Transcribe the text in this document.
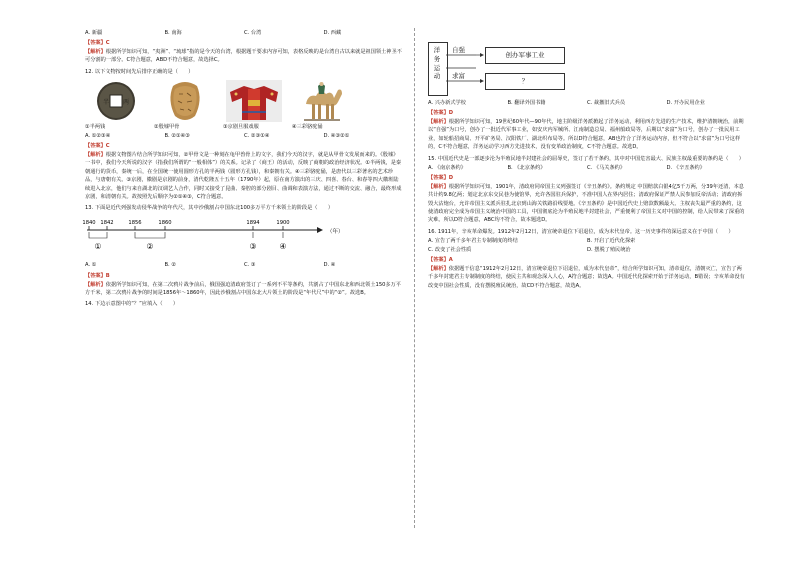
A. 新疆	B. 南海	C. 台湾	D. 西藏

【答案】C

【解析】根据所学知识可知，“夷洲”、“琉球”指的是今天的台湾，根据题干要求内容可知，表格反映的是台湾自古以来就是祖国领土神圣不可分割的一部分。C符合题意，ABD不符合题意，故选择C。

12. 以下文物按时间先后排序正确的是（　　）

半 两
①半两钱	②殷墟甲骨	③京剧旦服戏服	④三彩骆驼俑
A. ①②③④	B. ②①④③	C. ②③①④	D. ④③②①

【答案】C

【解析】根据文物图片结合所学知识可知，②甲骨文是一种刻在龟甲兽骨上的文字，我们今天的汉字，就是从甲骨文发展而来的。《殷墟》一书中，我们今天所说的汉字（指我们所谓的“一般相体”）的关系。记录了（商王）的活动，反映了商朝的政治经济状况。①半两钱，是秦朝通行的货币，秦统一后，在全国统一使用圆形方孔的半两钱（圆形方孔钱），和秦朝有关。④三彩骆驼俑，是唐代以三彩著名的艺术珍品，与唐朝有关。③京剧，徽剧是京剧的前身，清代乾隆五十五年（1790年）起，原在南方演出的三庆、四喜、春台、和春等四大徽班陆续进入北京，他们与来自湖北的汉调艺人合作，同时又接受了昆曲、秦腔的部分剧目、曲调和表演方法，通过不断的交流、融合，最终形成京剧，和清朝有关。故按照先后顺序为②①④③，C符合题意。

13. 下面是近代列强发动侵华战争的年代尺，其中沙俄割占中国东北100多万平方千米领土的阶段是（　　）

1840 1842	1856	1860	1894	1900
（年）
①	②	③	④
A. ①	B. ②	C. ③	D. ④

【答案】B

【解析】依据所学知识可知，在第二次鸦片战争前后，俄国强迫清政府签订了一系列不平等条约，共割占了中国东北和西北领土150多万平方千米，第二次鸦片战争的时间是1856年～1860年，因此沙俄割占中国东北大片领土的阶段是“年代尺”中的“②”。故选B。

14. 下边示意图中的“？”应填入（　　）

洋
务
运
动
自强
求富
创办军事工业
？
A. 兴办新式学校	B. 翻译外国书籍	C. 裁撤旧式兵员	D. 开办民用企业

【答案】D

【解析】根据所学知识可知，19世纪60年代—90年代，地主阶级洋务派掀起了洋务运动，利用西方先进的生产技术，维护清朝统治，前期以“自强”为口号，创办了一批近代军事工业，如安庆内军械所、江南制造总局、福州船政局等，后期以“求富”为口号，创办了一批民用工业，如轮船招商局、开平矿务局、汉阳铁厂、湖北织布局等。所以D符合题意，AB也符合了洋务运动内容，但不符合以“求富”为口号这样的，C不符合题意，洋务运动学习西方先进技术，没有变革政治制度，C不符合题意。故选D。

15. 中国近代史是一部逐步沦为半殖民地半封建社会的屈辱史，签订了若干条约，其中对中国危害最大、民族主权最重要的条约是（　　）

A. 《南京条约》	B. 《北京条约》	C. 《马关条约》	D. 《辛丑条约》

【答案】D

【解析】根据所学知识可知，1901年，清政府同帝国主义列强签订《辛丑条约》。条约规定 中国赔款白银4亿5千万两，分39年还清，本息共计约9.8亿两；划定北京东交民巷为使馆界，允许各国驻兵保护，不准中国人在界内居住；清政府保证严禁人民参加反帝活动；清政府拆毁大沽炮台，允许帝国主义派兵驻扎北京到山海关铁路沿线要地。《辛丑条约》是中国近代史上赔款数额最大、主权丧失最严重的条约，这使清政府完全成为帝国主义统治中国的工具，中国彻底沦为半殖民地半封建社会，严重便利了帝国主义对中国的控制，给人民带来了深重的灾难。所以D符合题意，ABC均不符合，故本题选D。

16. 1911年，辛亥革命爆发。1912年2月12日，清宣统帝退位下诏退位，成为末代皇帝。这一历史事件的深远意义在于中国（　　）

A. 宣告了两千多年君主专制制度的终结	B. 开启了近代化探索
C. 改变了社会性质	D. 摆脱了殖民统治

【答案】A

【解析】依据题干信息“1912年2月12日，清宣统帝退位下诏退位，成为末代皇帝”，结合所学知识可知，清帝退位，清朝灭亡，宣告了两千多年封建君主专制制度的终结，使民主共和观念深入人心，A符合题意；故选A。中国近代化探索开始于洋务运动，B错误；辛亥革命没有改变中国社会性质，没有摆脱殖民统治，故CD不符合题意，故选A。
